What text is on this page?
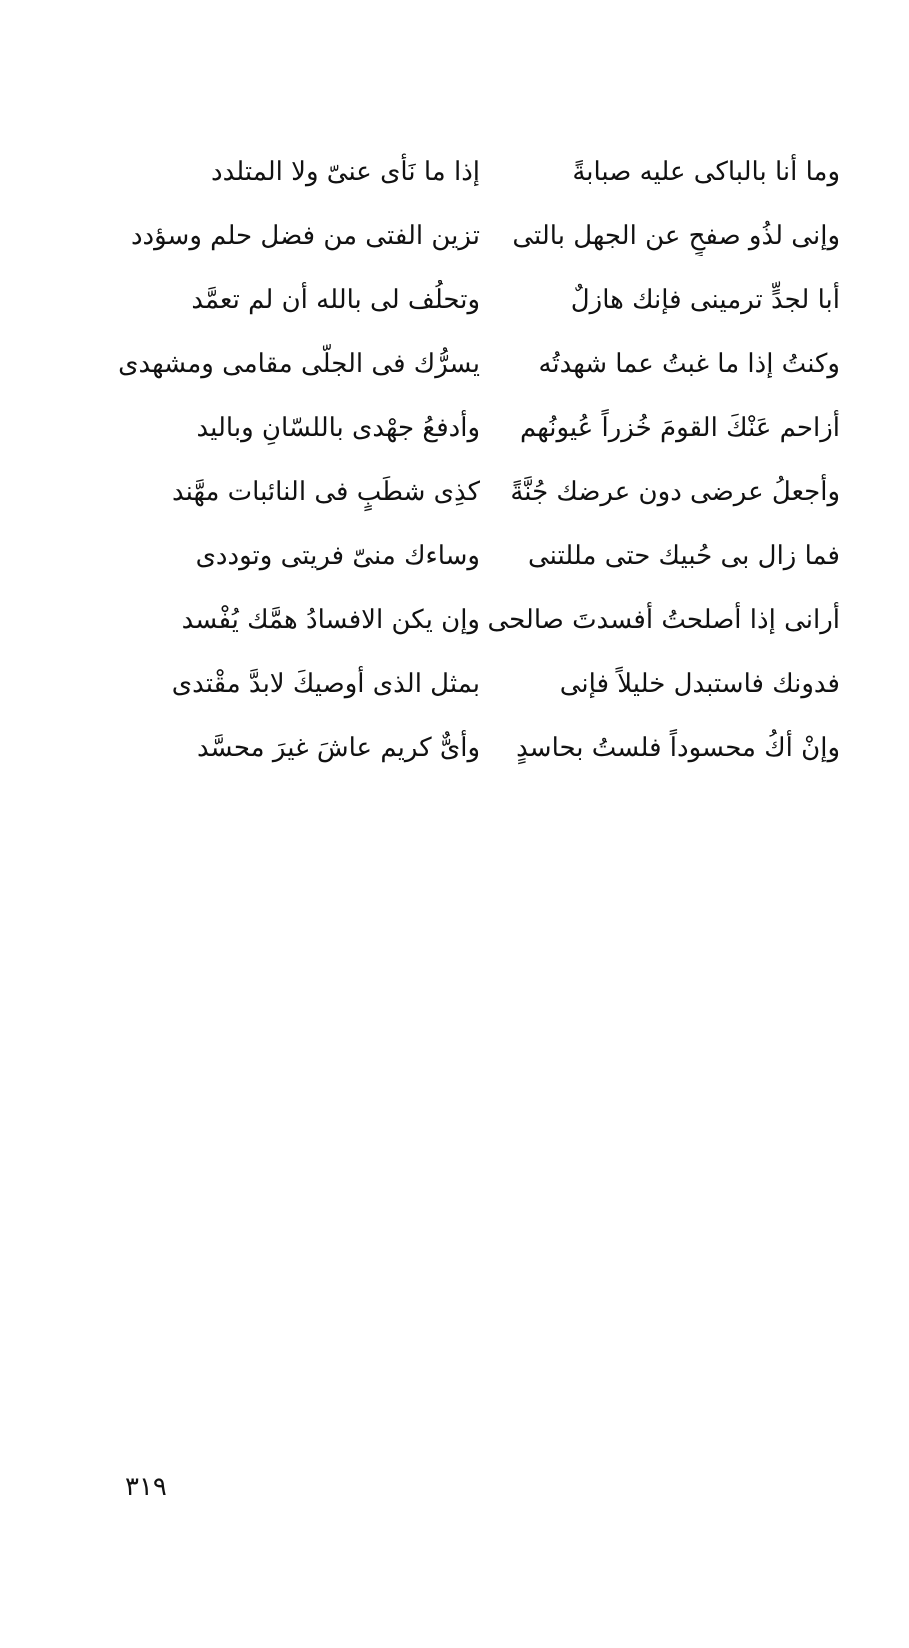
وما أنا بالباكى عليه صبابةً
إذا ما نَأَى عنىّ ولا المتلدد
وإنى لذُو صفحٍ عن الجهل بالتى
تزين الفتى من فضل حلم وسؤدد
أبا لجدٍّ ترمينى فإنك هازلٌ
وتحلُف لى بالله أن لم تعمَّد
وكنتُ إذا ما غبتُ عما شهدتُه
يسرُّك فى الجلّى مقامى ومشهدى
أزاحم عَنْكَ القومَ خُزراً عُيونُهم
وأدفعُ جهْدى باللسّانِ وباليد
وأجعلُ عرضى دون عرضك جُنَّةً
كذِى شطَبٍ فى النائبات مهَّند
فما زال بى حُبيك حتى مللتنى
وساءك منىّ فريتى وتوددى
أرانى إذا أصلحتُ أفسدتَ صالحى
وإن يكن الافسادُ همَّك يُفْسد
فدونك فاستبدل خليلاً فإنى
بمثل الذى أوصيكَ لابدَّ مقْتدى
وإنْ أكُ محسوداً فلستُ بحاسدٍ
وأىٌّ كريم عاشَ غيرَ محسَّد
٣١٩
